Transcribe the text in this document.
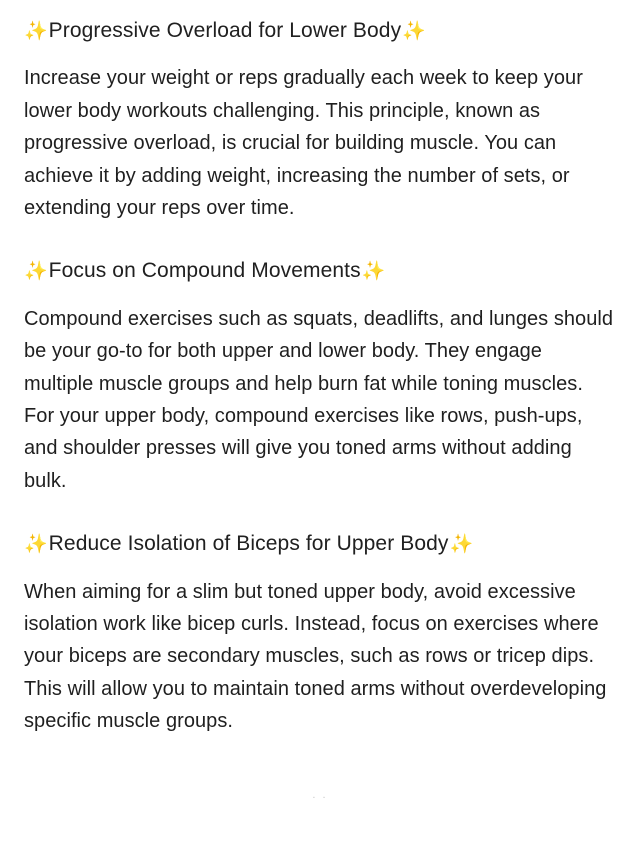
✨Progressive Overload for Lower Body✨

Increase your weight or reps gradually each week to keep your lower body workouts challenging. This principle, known as progressive overload, is crucial for building muscle. You can achieve it by adding weight, increasing the number of sets, or extending your reps over time.

✨Focus on Compound Movements✨

Compound exercises such as squats, deadlifts, and lunges should be your go-to for both upper and lower body. They engage multiple muscle groups and help burn fat while toning muscles. For your upper body, compound exercises like rows, push-ups, and shoulder presses will give you toned arms without adding bulk.

✨Reduce Isolation of Biceps for Upper Body✨

When aiming for a slim but toned upper body, avoid excessive isolation work like bicep curls. Instead, focus on exercises where your biceps are secondary muscles, such as rows or tricep dips. This will allow you to maintain toned arms without overdeveloping specific muscle groups.

. .
